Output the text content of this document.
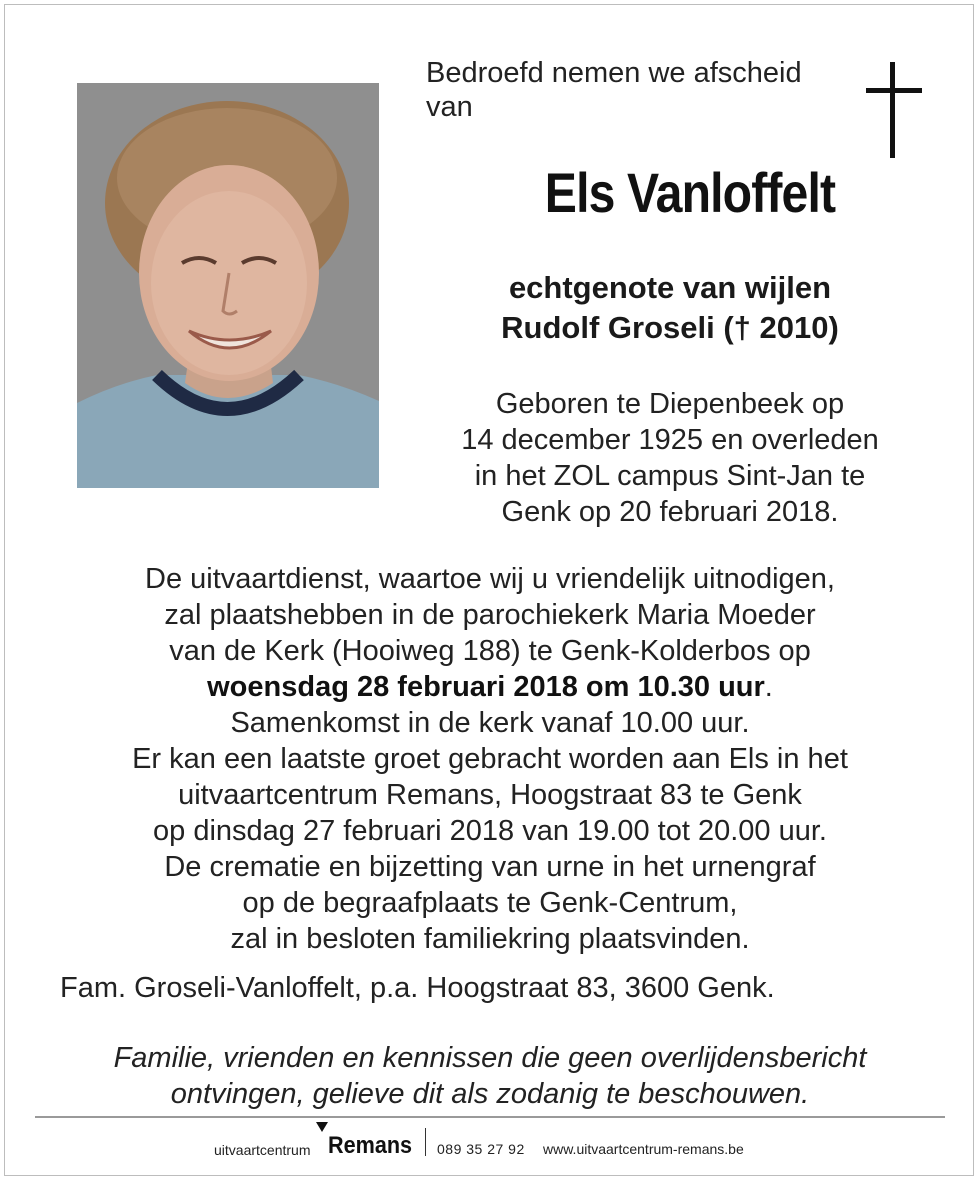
Bedroefd nemen we afscheid van
Els Vanloffelt
echtgenote van wijlen
Rudolf Groseli († 2010)
Geboren te Diepenbeek op
14 december 1925 en overleden
in het ZOL campus Sint-Jan te
Genk op 20 februari 2018.
De uitvaartdienst, waartoe wij u vriendelijk uitnodigen,
zal plaatshebben in de parochiekerk Maria Moeder
van de Kerk (Hooiweg 188) te Genk-Kolderbos op
woensdag 28 februari 2018 om 10.30 uur.
Samenkomst in de kerk vanaf 10.00 uur.
Er kan een laatste groet gebracht worden aan Els in het
uitvaartcentrum Remans, Hoogstraat 83 te Genk
op dinsdag 27 februari 2018 van 19.00 tot 20.00 uur.
De crematie en bijzetting van urne in het urnengraf
op de begraafplaats te Genk-Centrum,
zal in besloten familiekring plaatsvinden.
Fam. Groseli-Vanloffelt, p.a. Hoogstraat 83, 3600 Genk.
Familie, vrienden en kennissen die geen overlijdensbericht
ontvingen, gelieve dit als zodanig te beschouwen.
uitvaartcentrum Remans 089 35 27 92 www.uitvaartcentrum-remans.be
